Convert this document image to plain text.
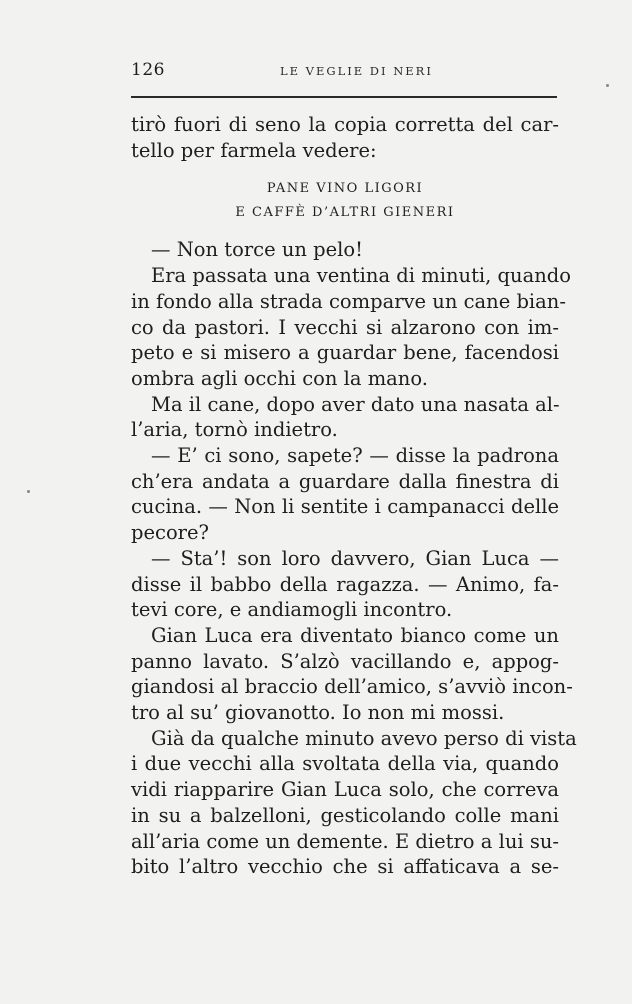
126	LE VEGLIE DI NERI
tirò fuori di seno la copia corretta del car-
tello per farmela vedere:
PANE VINO LIGORI
E CAFFÈ D’ALTRI GIENERI
— Non torce un pelo!
Era passata una ventina di minuti, quando
in fondo alla strada comparve un cane bian-
co da pastori. I vecchi si alzarono con im-
peto e si misero a guardar bene, facendosi
ombra agli occhi con la mano.
Ma il cane, dopo aver dato una nasata al-
l’aria, tornò indietro.
— E’ ci sono, sapete? — disse la padrona
ch’era andata a guardare dalla finestra di
cucina. — Non li sentite i campanacci delle
pecore?
— Sta’! son loro davvero, Gian Luca —
disse il babbo della ragazza. — Animo, fa-
tevi core, e andiamogli incontro.
Gian Luca era diventato bianco come un
panno lavato. S’alzò vacillando e, appog-
giandosi al braccio dell’amico, s’avviò incon-
tro al su’ giovanotto. Io non mi mossi.
Già da qualche minuto avevo perso di vista
i due vecchi alla svoltata della via, quando
vidi riapparire Gian Luca solo, che correva
in su a balzelloni, gesticolando colle mani
all’aria come un demente. E dietro a lui su-
bito l’altro vecchio che si affaticava a se-
